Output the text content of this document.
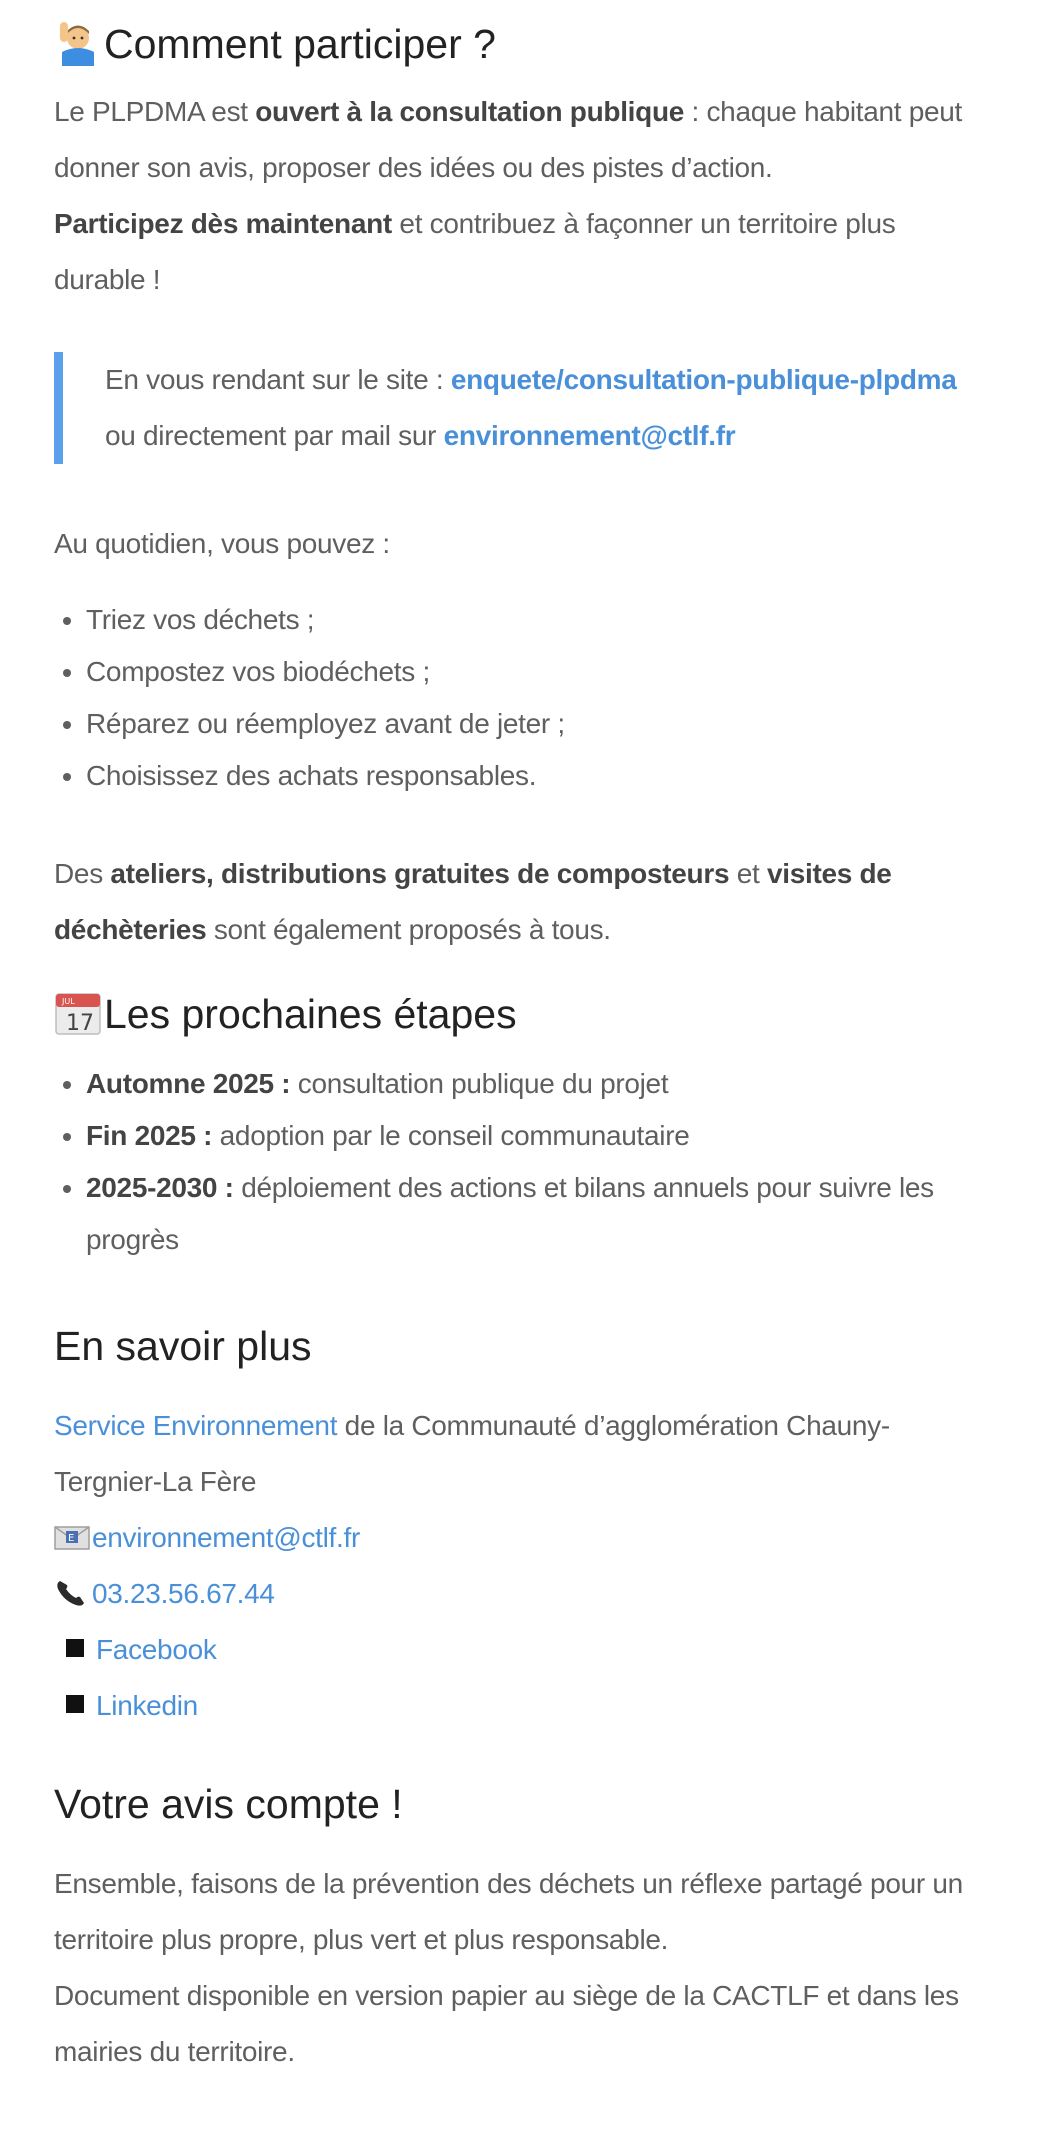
Comment participer ?

Le PLPDMA est ouvert à la consultation publique : chaque habitant peut donner son avis, proposer des idées ou des pistes d’action.
Participez dès maintenant et contribuez à façonner un territoire plus durable !

En vous rendant sur le site : enquete/consultation-publique-plpdma ou directement par mail sur environnement@ctlf.fr

Au quotidien, vous pouvez :

• Triez vos déchets ;
• Compostez vos biodéchets ;
• Réparez ou réemployez avant de jeter ;
• Choisissez des achats responsables.

Des ateliers, distributions gratuites de composteurs et visites de déchèteries sont également proposés à tous.

JUL
17 Les prochaines étapes
• Automne 2025 : consultation publique du projet
• Fin 2025 : adoption par le conseil communautaire
• 2025-2030 : déploiement des actions et bilans annuels pour suivre les progrès
En savoir plus

Service Environnement de la Communauté d’agglomération Chauny-Tergnier-La Fère

E environnement@ctlf.fr
03.23.56.67.44
Facebook
Linkedin
Votre avis compte !

Ensemble, faisons de la prévention des déchets un réflexe partagé pour un territoire plus propre, plus vert et plus responsable.
Document disponible en version papier au siège de la CACTLF et dans les mairies du territoire.
